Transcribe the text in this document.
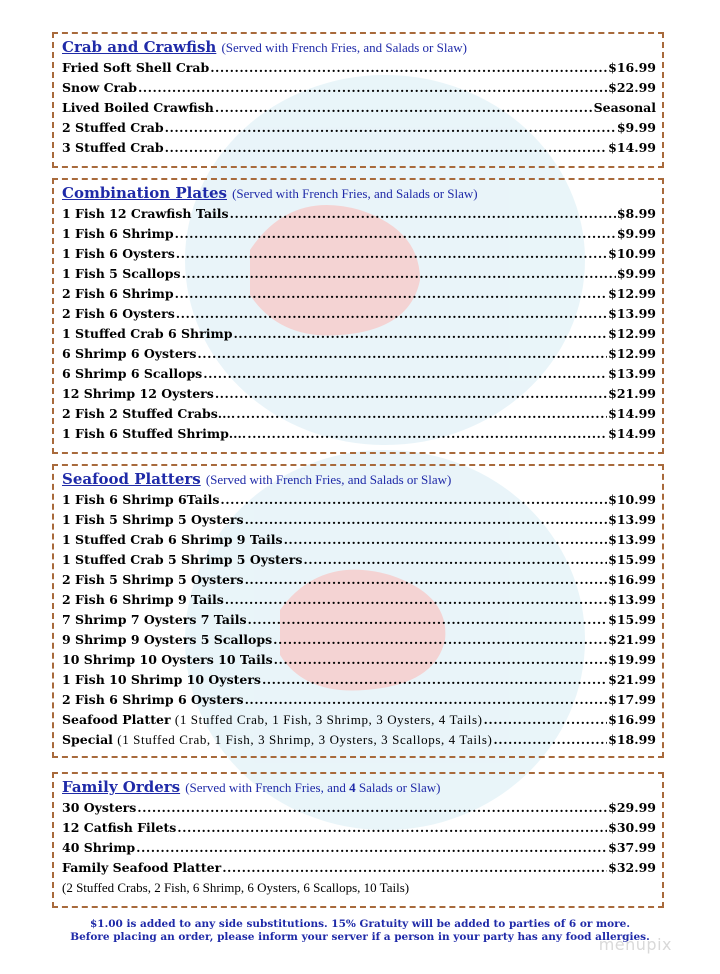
Crab and Crawfish (Served with French Fries, and Salads or Slaw)
Fried Soft Shell Crab .....	$16.99
Snow Crab .....	$22.99
Lived Boiled Crawfish .....	Seasonal
2 Stuffed Crab .....	$9.99
3 Stuffed Crab .....	$14.99
Combination Plates (Served with French Fries, and Salads or Slaw)
1 Fish 12 Crawfish Tails .....	$8.99
1 Fish 6 Shrimp .....	$9.99
1 Fish 6 Oysters .....	$10.99
1 Fish 5 Scallops .....	$9.99
2 Fish 6 Shrimp .....	$12.99
2 Fish 6 Oysters .....	$13.99
1 Stuffed Crab 6 Shrimp .....	$12.99
6 Shrimp 6 Oysters .....	$12.99
6 Shrimp 6 Scallops .....	$13.99
12 Shrimp 12 Oysters .....	$21.99
2 Fish 2 Stuffed Crabs.... .....	$14.99
1 Fish 6 Stuffed Shrimp.... .....	$14.99
Seafood Platters (Served with French Fries, and Salads or Slaw)
1 Fish 6 Shrimp 6Tails .....	$10.99
1 Fish 5 Shrimp 5 Oysters .....	$13.99
1 Stuffed Crab 6 Shrimp 9 Tails .....	$13.99
1 Stuffed Crab 5 Shrimp 5 Oysters .....	$15.99
2 Fish 5 Shrimp 5 Oysters .....	$16.99
2 Fish 6 Shrimp 9 Tails .....	$13.99
7 Shrimp 7 Oysters 7 Tails .....	$15.99
9 Shrimp 9 Oysters 5 Scallops .....	$21.99
10 Shrimp 10 Oysters 10 Tails .....	$19.99
1 Fish 10 Shrimp 10 Oysters .....	$21.99
2 Fish 6 Shrimp 6 Oysters .....	$17.99
Seafood Platter
(1 Stuffed Crab, 1 Fish, 3 Shrimp, 3 Oysters, 4 Tails) .....	$16.99
Special
(1 Stuffed Crab, 1 Fish, 3 Shrimp, 3 Oysters, 3 Scallops, 4 Tails) .....	$18.99
Family Orders (Served with French Fries, and 4 Salads or Slaw)
30 Oysters .....	$29.99
12 Catfish Filets .....	$30.99
40 Shrimp .....	$37.99
Family Seafood Platter .....	$32.99
(2 Stuffed Crabs, 2 Fish, 6 Shrimp, 6 Oysters, 6 Scallops, 10 Tails)
$1.00 is added to any side substitutions. 15% Gratuity will be added to parties of 6 or more.
Before placing an order, please inform your server if a person in your party has any food allergies.
menupix
